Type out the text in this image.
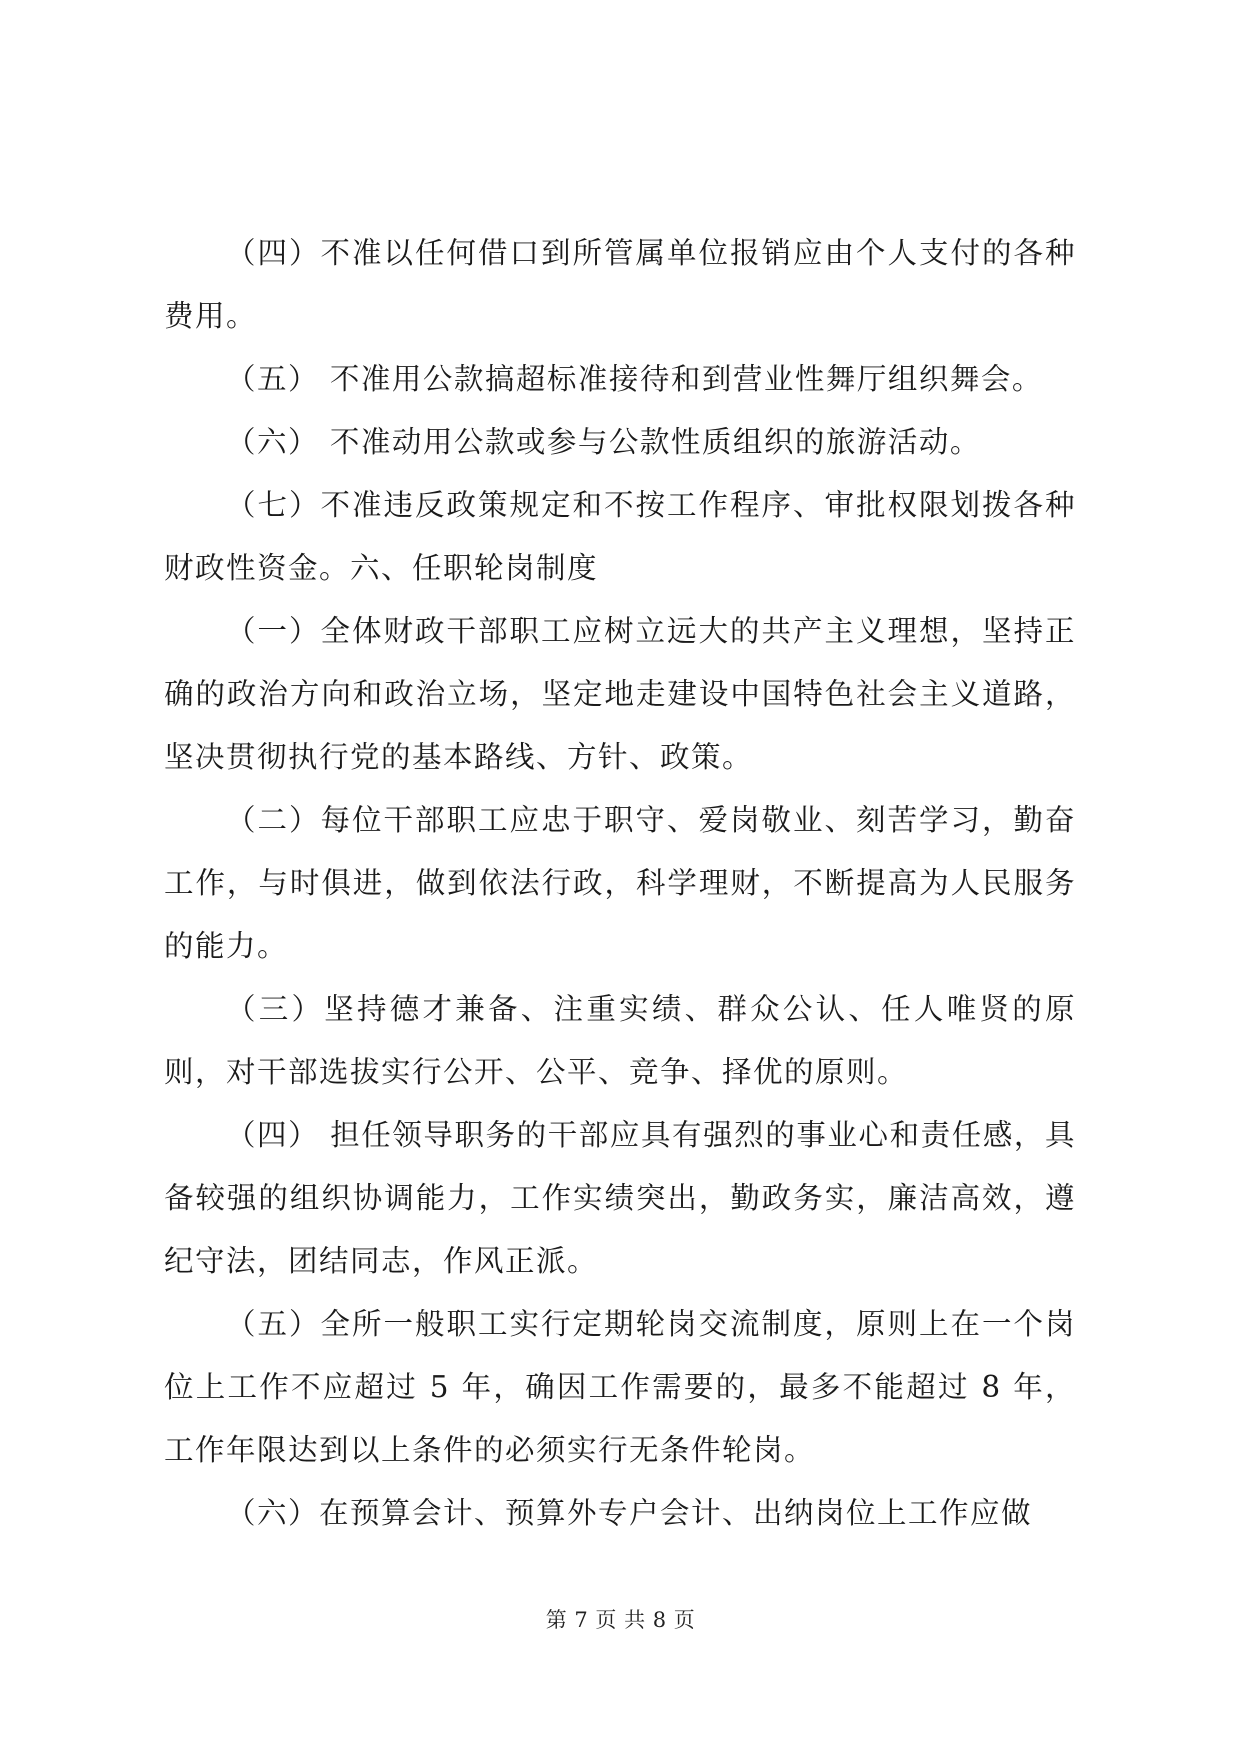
（四）不准以任何借口到所管属单位报销应由个人支付的各种费用。

（五） 不准用公款搞超标准接待和到营业性舞厅组织舞会。

（六） 不准动用公款或参与公款性质组织的旅游活动。

（七）不准违反政策规定和不按工作程序、审批权限划拨各种财政性资金。六、任职轮岗制度

（一）全体财政干部职工应树立远大的共产主义理想，坚持正确的政治方向和政治立场，坚定地走建设中国特色社会主义道路，坚决贯彻执行党的基本路线、方针、政策。

（二）每位干部职工应忠于职守、爱岗敬业、刻苦学习，勤奋工作，与时俱进，做到依法行政，科学理财，不断提高为人民服务的能力。

（三）坚持德才兼备、注重实绩、群众公认、任人唯贤的原则，对干部选拔实行公开、公平、竞争、择优的原则。

（四） 担任领导职务的干部应具有强烈的事业心和责任感，具备较强的组织协调能力，工作实绩突出，勤政务实，廉洁高效，遵纪守法，团结同志，作风正派。

（五）全所一般职工实行定期轮岗交流制度，原则上在一个岗位上工作不应超过 5 年，确因工作需要的，最多不能超过 8 年，工作年限达到以上条件的必须实行无条件轮岗。

（六）在预算会计、预算外专户会计、出纳岗位上工作应做

第 7 页 共 8 页
